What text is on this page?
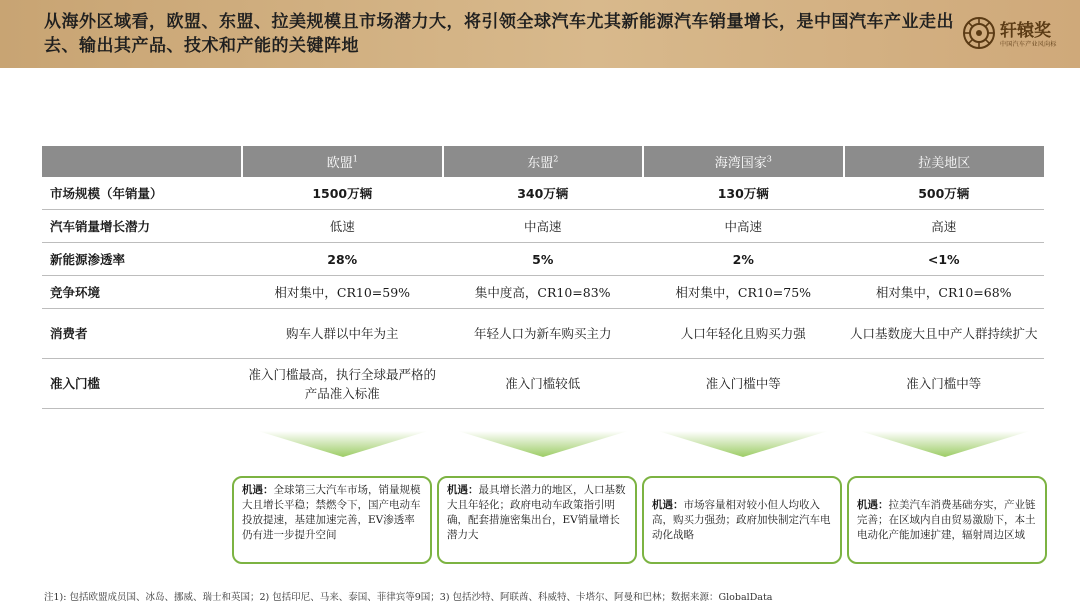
从海外区域看，欧盟、东盟、拉美规模且市场潜力大，将引领全球汽车尤其新能源汽车销量增长，是中国汽车产业走出去、输出其产品、技术和产能的关键阵地
轩辕奖
中国汽车产业风向标
	欧盟$^1$	东盟$^2$	海湾国家$^3$	拉美地区
市场规模（年销量）	1500万辆	340万辆	130万辆	500万辆
汽车销量增长潜力	低速	中高速	中高速	高速
新能源渗透率	28%	5%	2%	<1%
竞争环境	相对集中，CR10=59%	集中度高，CR10=83%	相对集中，CR10=75%	相对集中，CR10=68%
消费者	购车人群以中年为主	年轻人口为新车购买主力	人口年轻化且购买力强	人口基数庞大且中产人群持续扩大
准入门槛	准入门槛最高，执行全球最严格的产品准入标准	准入门槛较低	准入门槛中等	准入门槛中等
机遇：全球第三大汽车市场，销量规模大且增长平稳；禁燃令下，国产电动车投放提速，基建加速完善，EV渗透率仍有进一步提升空间
机遇：最具增长潜力的地区，人口基数大且年轻化；政府电动车政策指引明确，配套措施密集出台，EV销量增长潜力大
机遇：市场容量相对较小但人均收入高，购买力强劲；政府加快制定汽车电动化战略
机遇：拉美汽车消费基础夯实，产业链完善；在区域内自由贸易激励下，本土电动化产能加速扩建，辐射周边区域
注1): 包括欧盟成员国、冰岛、挪威、瑞士和英国；2) 包括印尼、马来、泰国、菲律宾等9国；3) 包括沙特、阿联酋、科威特、卡塔尔、阿曼和巴林；数据来源：GlobalData
